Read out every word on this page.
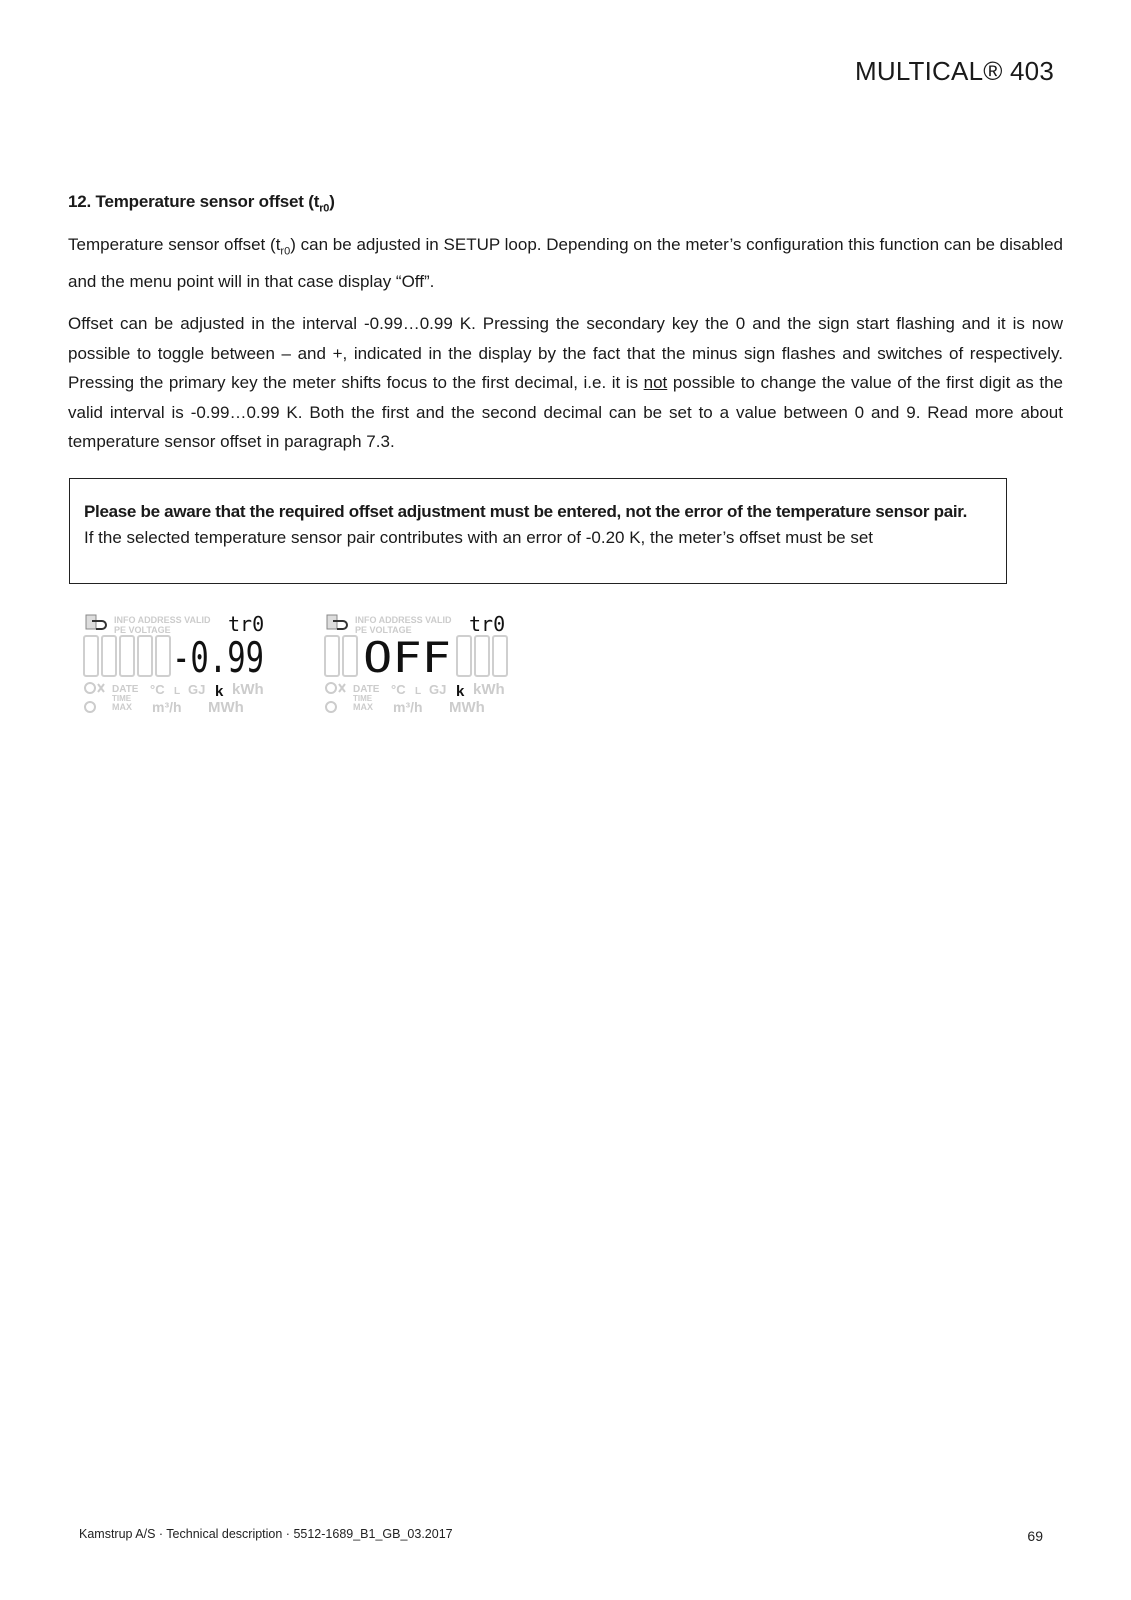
MULTICAL® 403
12. Temperature sensor offset $(t_{r0})$
Temperature sensor offset $(t_{r0})$ can be adjusted in SETUP loop. Depending on the meter’s configuration this function can be disabled and the menu point will in that case display “Off”.
Offset can be adjusted in the interval -0.99…0.99 K. Pressing the secondary key the 0 and the sign start flashing and it is now possible to toggle between – and +, indicated in the display by the fact that the minus sign flashes and switches of respectively. Pressing the primary key the meter shifts focus to the first decimal, i.e. it is not possible to change the value of the first digit as the valid interval is -0.99…0.99 K. Both the first and the second decimal can be set to a value between 0 and 9. Read more about temperature sensor offset in paragraph 7.3.
Please be aware that the required offset adjustment must be entered, not the error of the temperature sensor pair.
If the selected temperature sensor pair contributes with an error of -0.20 K, the meter’s offset must be set
INFO ADDRESS VALID
PE VOLTAGE	tr0
-0.99
DATE
TIME
MAX
°C L GJ kWh
m³/h MWh
k
INFO ADDRESS VALID
PE VOLTAGE	tr0
OFF
DATE
TIME
MAX
°C L GJ kWh
m³/h MWh
k
Kamstrup A/S · Technical description · 5512-1689_B1_GB_03.2017	69
